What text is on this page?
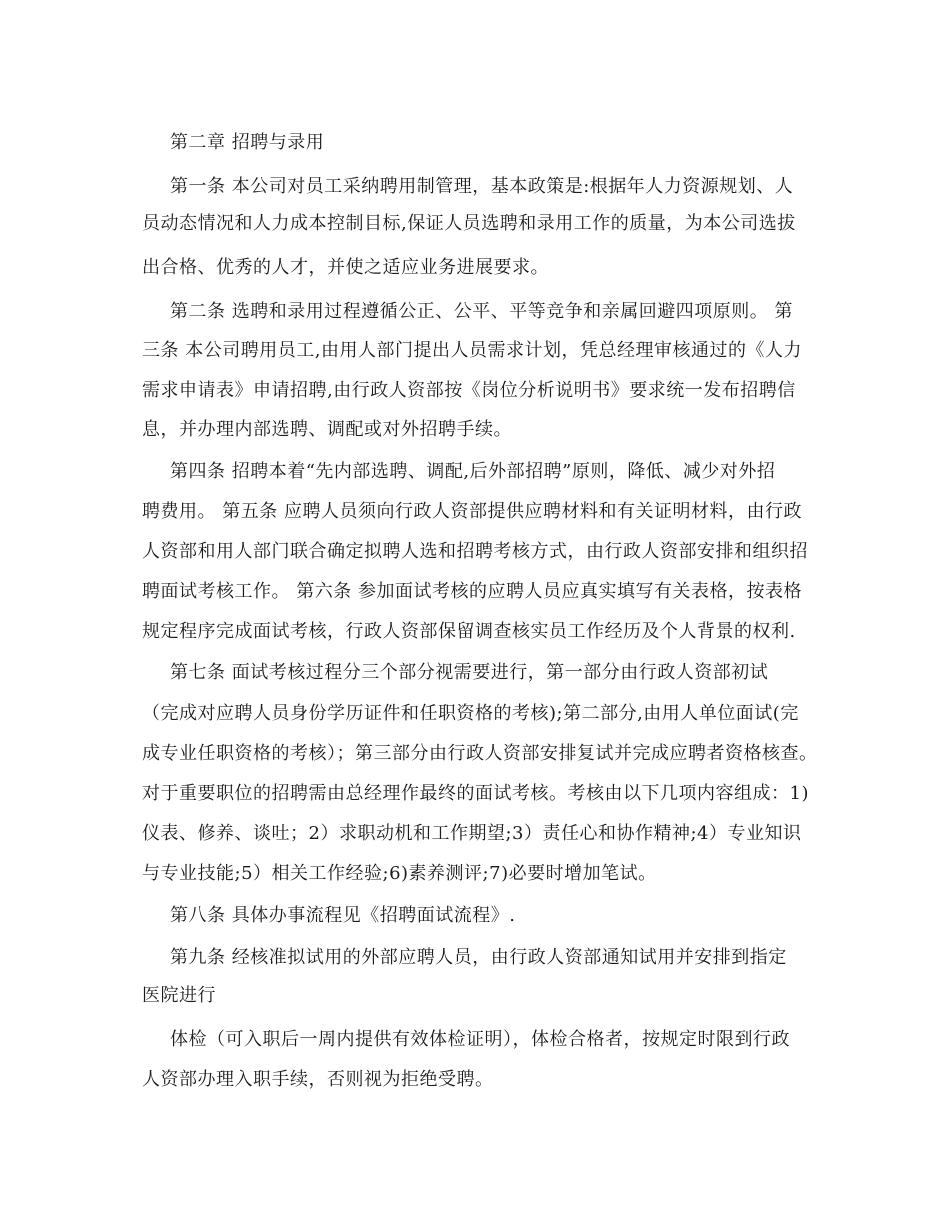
第二章 招聘与录用
第一条 本公司对员工采纳聘用制管理，基本政策是:根据年人力资源规划、人
员动态情况和人力成本控制目标,保证人员选聘和录用工作的质量，为本公司选拔
出合格、优秀的人才，并使之适应业务进展要求。
第二条 选聘和录用过程遵循公正、公平、平等竞争和亲属回避四项原则。 第
三条 本公司聘用员工,由用人部门提出人员需求计划，凭总经理审核通过的《人力
需求申请表》申请招聘,由行政人资部按《岗位分析说明书》要求统一发布招聘信
息，并办理内部选聘、调配或对外招聘手续。
第四条 招聘本着“先内部选聘、调配,后外部招聘”原则，降低、减少对外招
聘费用。 第五条 应聘人员须向行政人资部提供应聘材料和有关证明材料，由行政
人资部和用人部门联合确定拟聘人选和招聘考核方式，由行政人资部安排和组织招
聘面试考核工作。 第六条 参加面试考核的应聘人员应真实填写有关表格，按表格
规定程序完成面试考核，行政人资部保留调查核实员工作经历及个人背景的权利.
第七条 面试考核过程分三个部分视需要进行，第一部分由行政人资部初试
（完成对应聘人员身份学历证件和任职资格的考核);第二部分,由用人单位面试(完
成专业任职资格的考核）；第三部分由行政人资部安排复试并完成应聘者资格核查。
对于重要职位的招聘需由总经理作最终的面试考核。考核由以下几项内容组成：1)
仪表、修养、谈吐；2）求职动机和工作期望;3）责任心和协作精神;4）专业知识
与专业技能;5）相关工作经验;6)素养测评;7)必要时增加笔试。
第八条 具体办事流程见《招聘面试流程》.
第九条 经核准拟试用的外部应聘人员，由行政人资部通知试用并安排到指定
医院进行
体检（可入职后一周内提供有效体检证明），体检合格者，按规定时限到行政
人资部办理入职手续，否则视为拒绝受聘。
